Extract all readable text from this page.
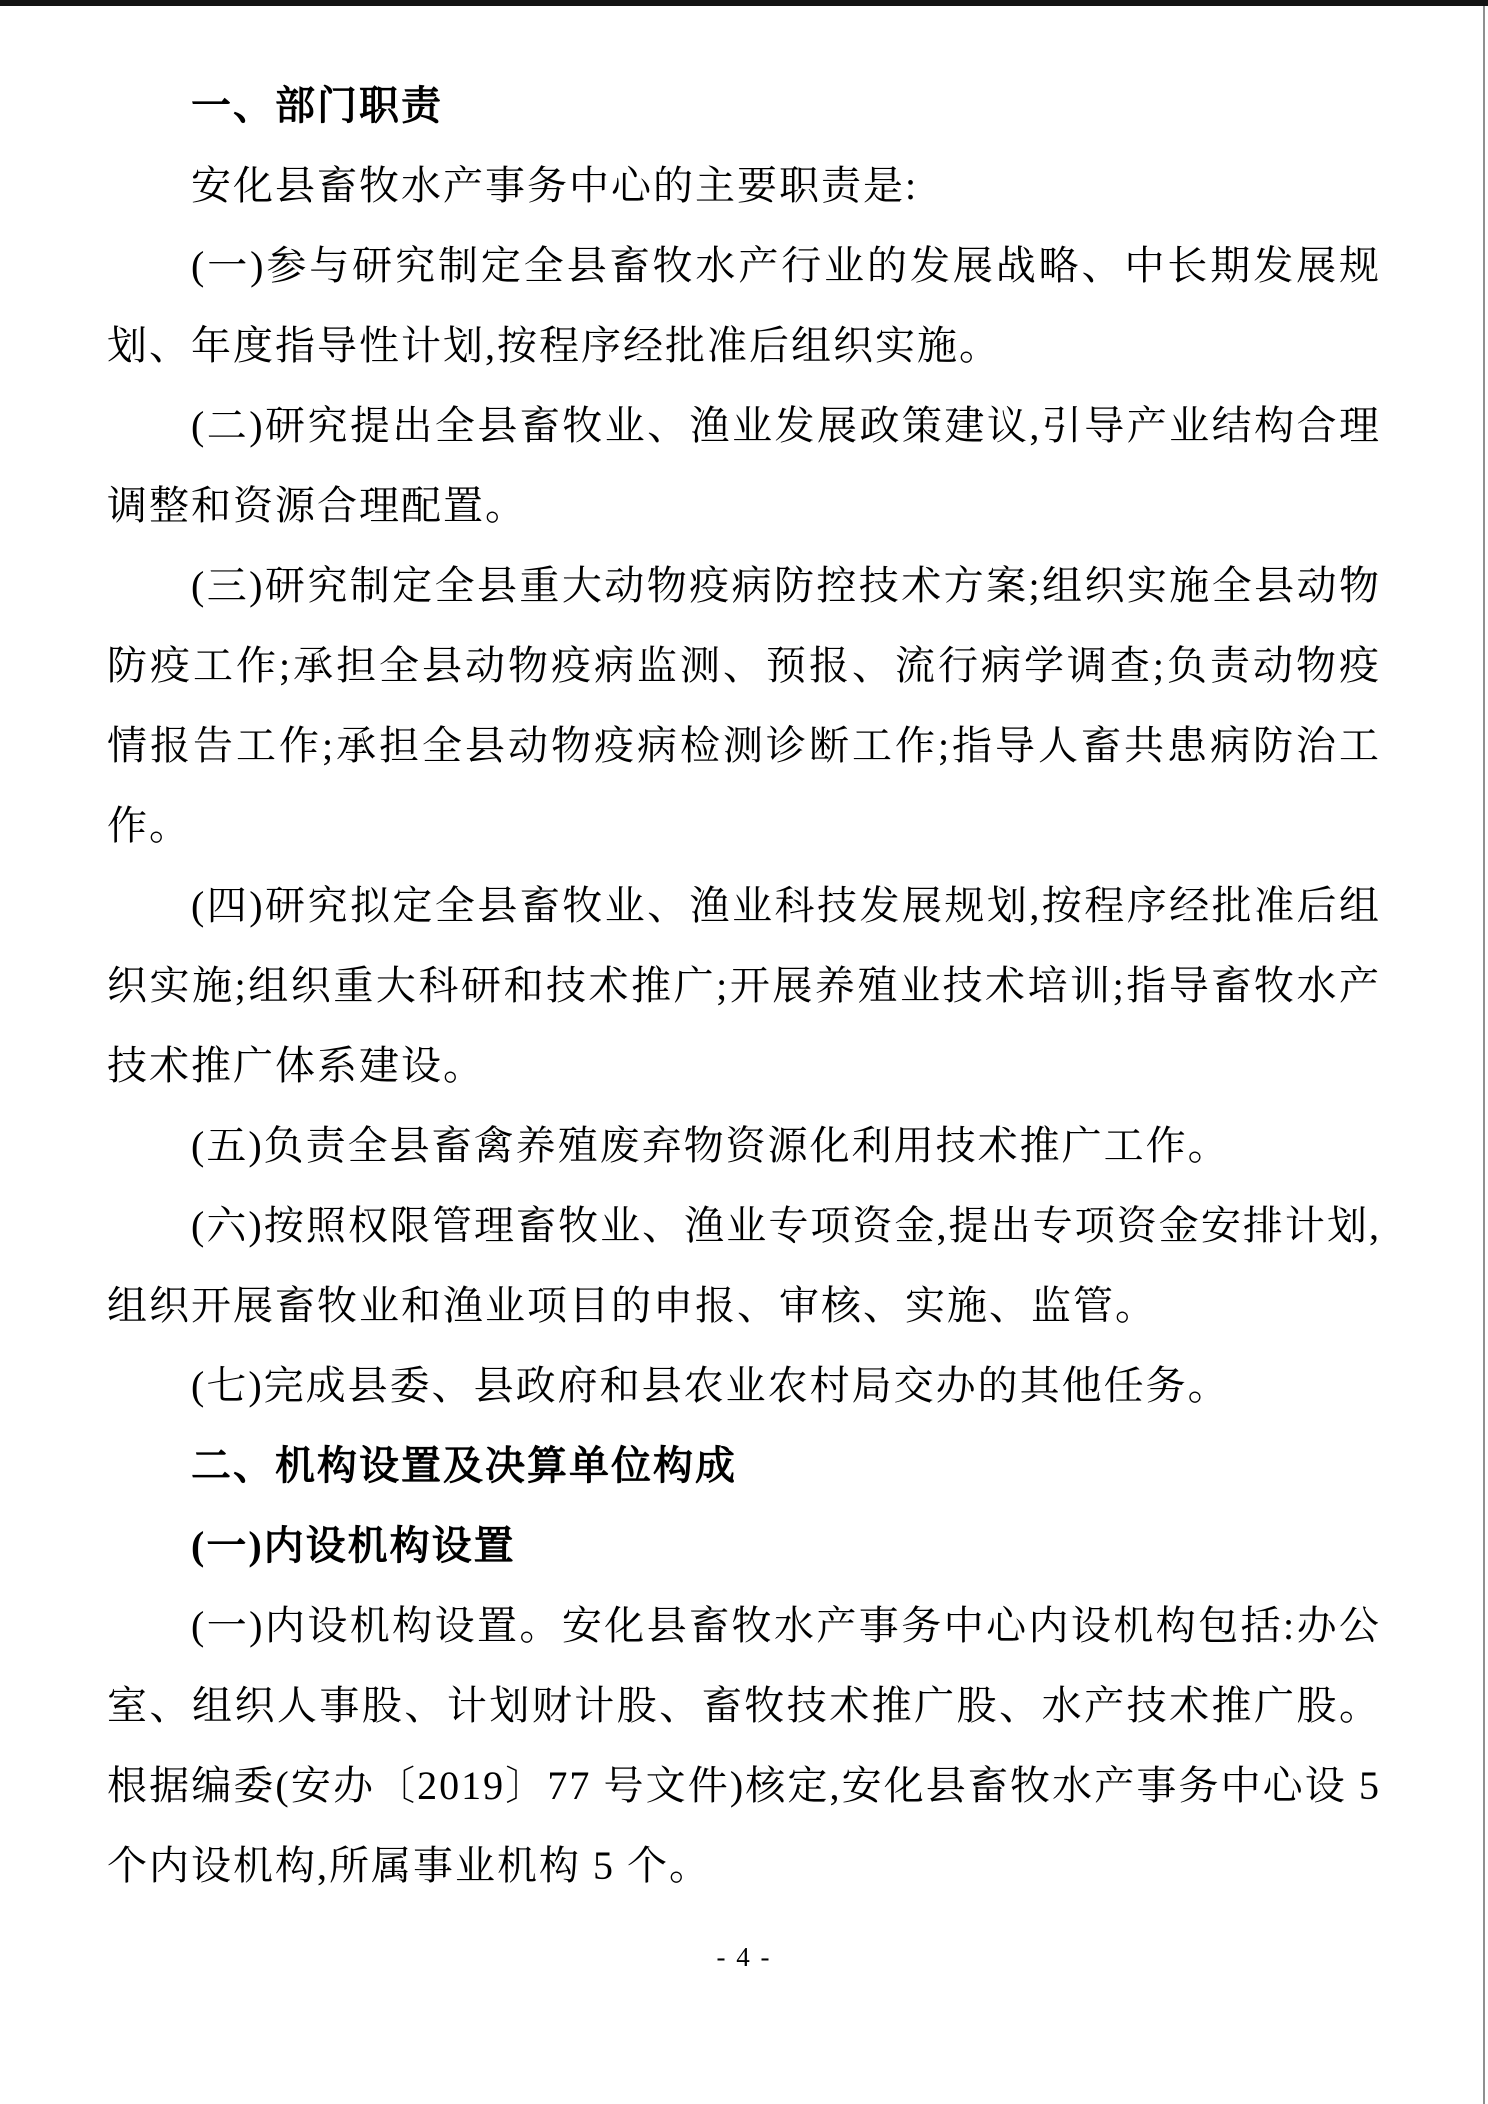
一、部门职责

安化县畜牧水产事务中心的主要职责是:

(一)参与研究制定全县畜牧水产行业的发展战略、中长期发展规划、年度指导性计划,按程序经批准后组织实施。

(二)研究提出全县畜牧业、渔业发展政策建议,引导产业结构合理调整和资源合理配置。

(三)研究制定全县重大动物疫病防控技术方案;组织实施全县动物防疫工作;承担全县动物疫病监测、预报、流行病学调查;负责动物疫情报告工作;承担全县动物疫病检测诊断工作;指导人畜共患病防治工作。

(四)研究拟定全县畜牧业、渔业科技发展规划,按程序经批准后组织实施;组织重大科研和技术推广;开展养殖业技术培训;指导畜牧水产技术推广体系建设。

(五)负责全县畜禽养殖废弃物资源化利用技术推广工作。

(六)按照权限管理畜牧业、渔业专项资金,提出专项资金安排计划,组织开展畜牧业和渔业项目的申报、审核、实施、监管。

(七)完成县委、县政府和县农业农村局交办的其他任务。

二、机构设置及决算单位构成
(一)内设机构设置

(一)内设机构设置。安化县畜牧水产事务中心内设机构包括:办公室、组织人事股、计划财计股、畜牧技术推广股、水产技术推广股。根据编委(安办〔2019〕77 号文件)核定,安化县畜牧水产事务中心设 5 个内设机构,所属事业机构 5 个。

- 4 -
